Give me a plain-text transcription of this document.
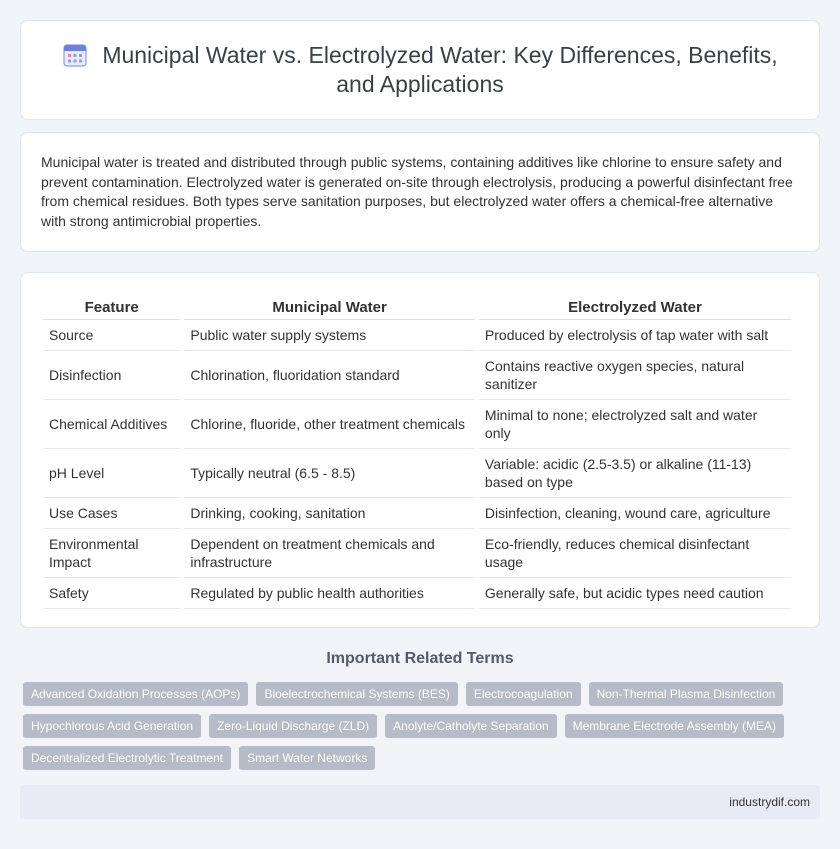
Municipal Water vs. Electrolyzed Water: Key Differences, Benefits, and Applications

Municipal water is treated and distributed through public systems, containing additives like chlorine to ensure safety and prevent contamination. Electrolyzed water is generated on-site through electrolysis, producing a powerful disinfectant free from chemical residues. Both types serve sanitation purposes, but electrolyzed water offers a chemical-free alternative with strong antimicrobial properties.

Feature	Municipal Water	Electrolyzed Water
Source	Public water supply systems	Produced by electrolysis of tap water with salt
Disinfection	Chlorination, fluoridation standard	Contains reactive oxygen species, natural sanitizer
Chemical Additives	Chlorine, fluoride, other treatment chemicals	Minimal to none; electrolyzed salt and water only
pH Level	Typically neutral (6.5 - 8.5)	Variable: acidic (2.5-3.5) or alkaline (11-13) based on type
Use Cases	Drinking, cooking, sanitation	Disinfection, cleaning, wound care, agriculture
Environmental Impact	Dependent on treatment chemicals and infrastructure	Eco-friendly, reduces chemical disinfectant usage
Safety	Regulated by public health authorities	Generally safe, but acidic types need caution
Important Related Terms
Advanced Oxidation Processes (AOPs)	Bioelectrochemical Systems (BES)	Electrocoagulation	Non-Thermal Plasma Disinfection
Hypochlorous Acid Generation	Zero-Liquid Discharge (ZLD)	Anolyte/Catholyte Separation	Membrane Electrode Assembly (MEA)
Decentralized Electrolytic Treatment	Smart Water Networks
industrydif.com
